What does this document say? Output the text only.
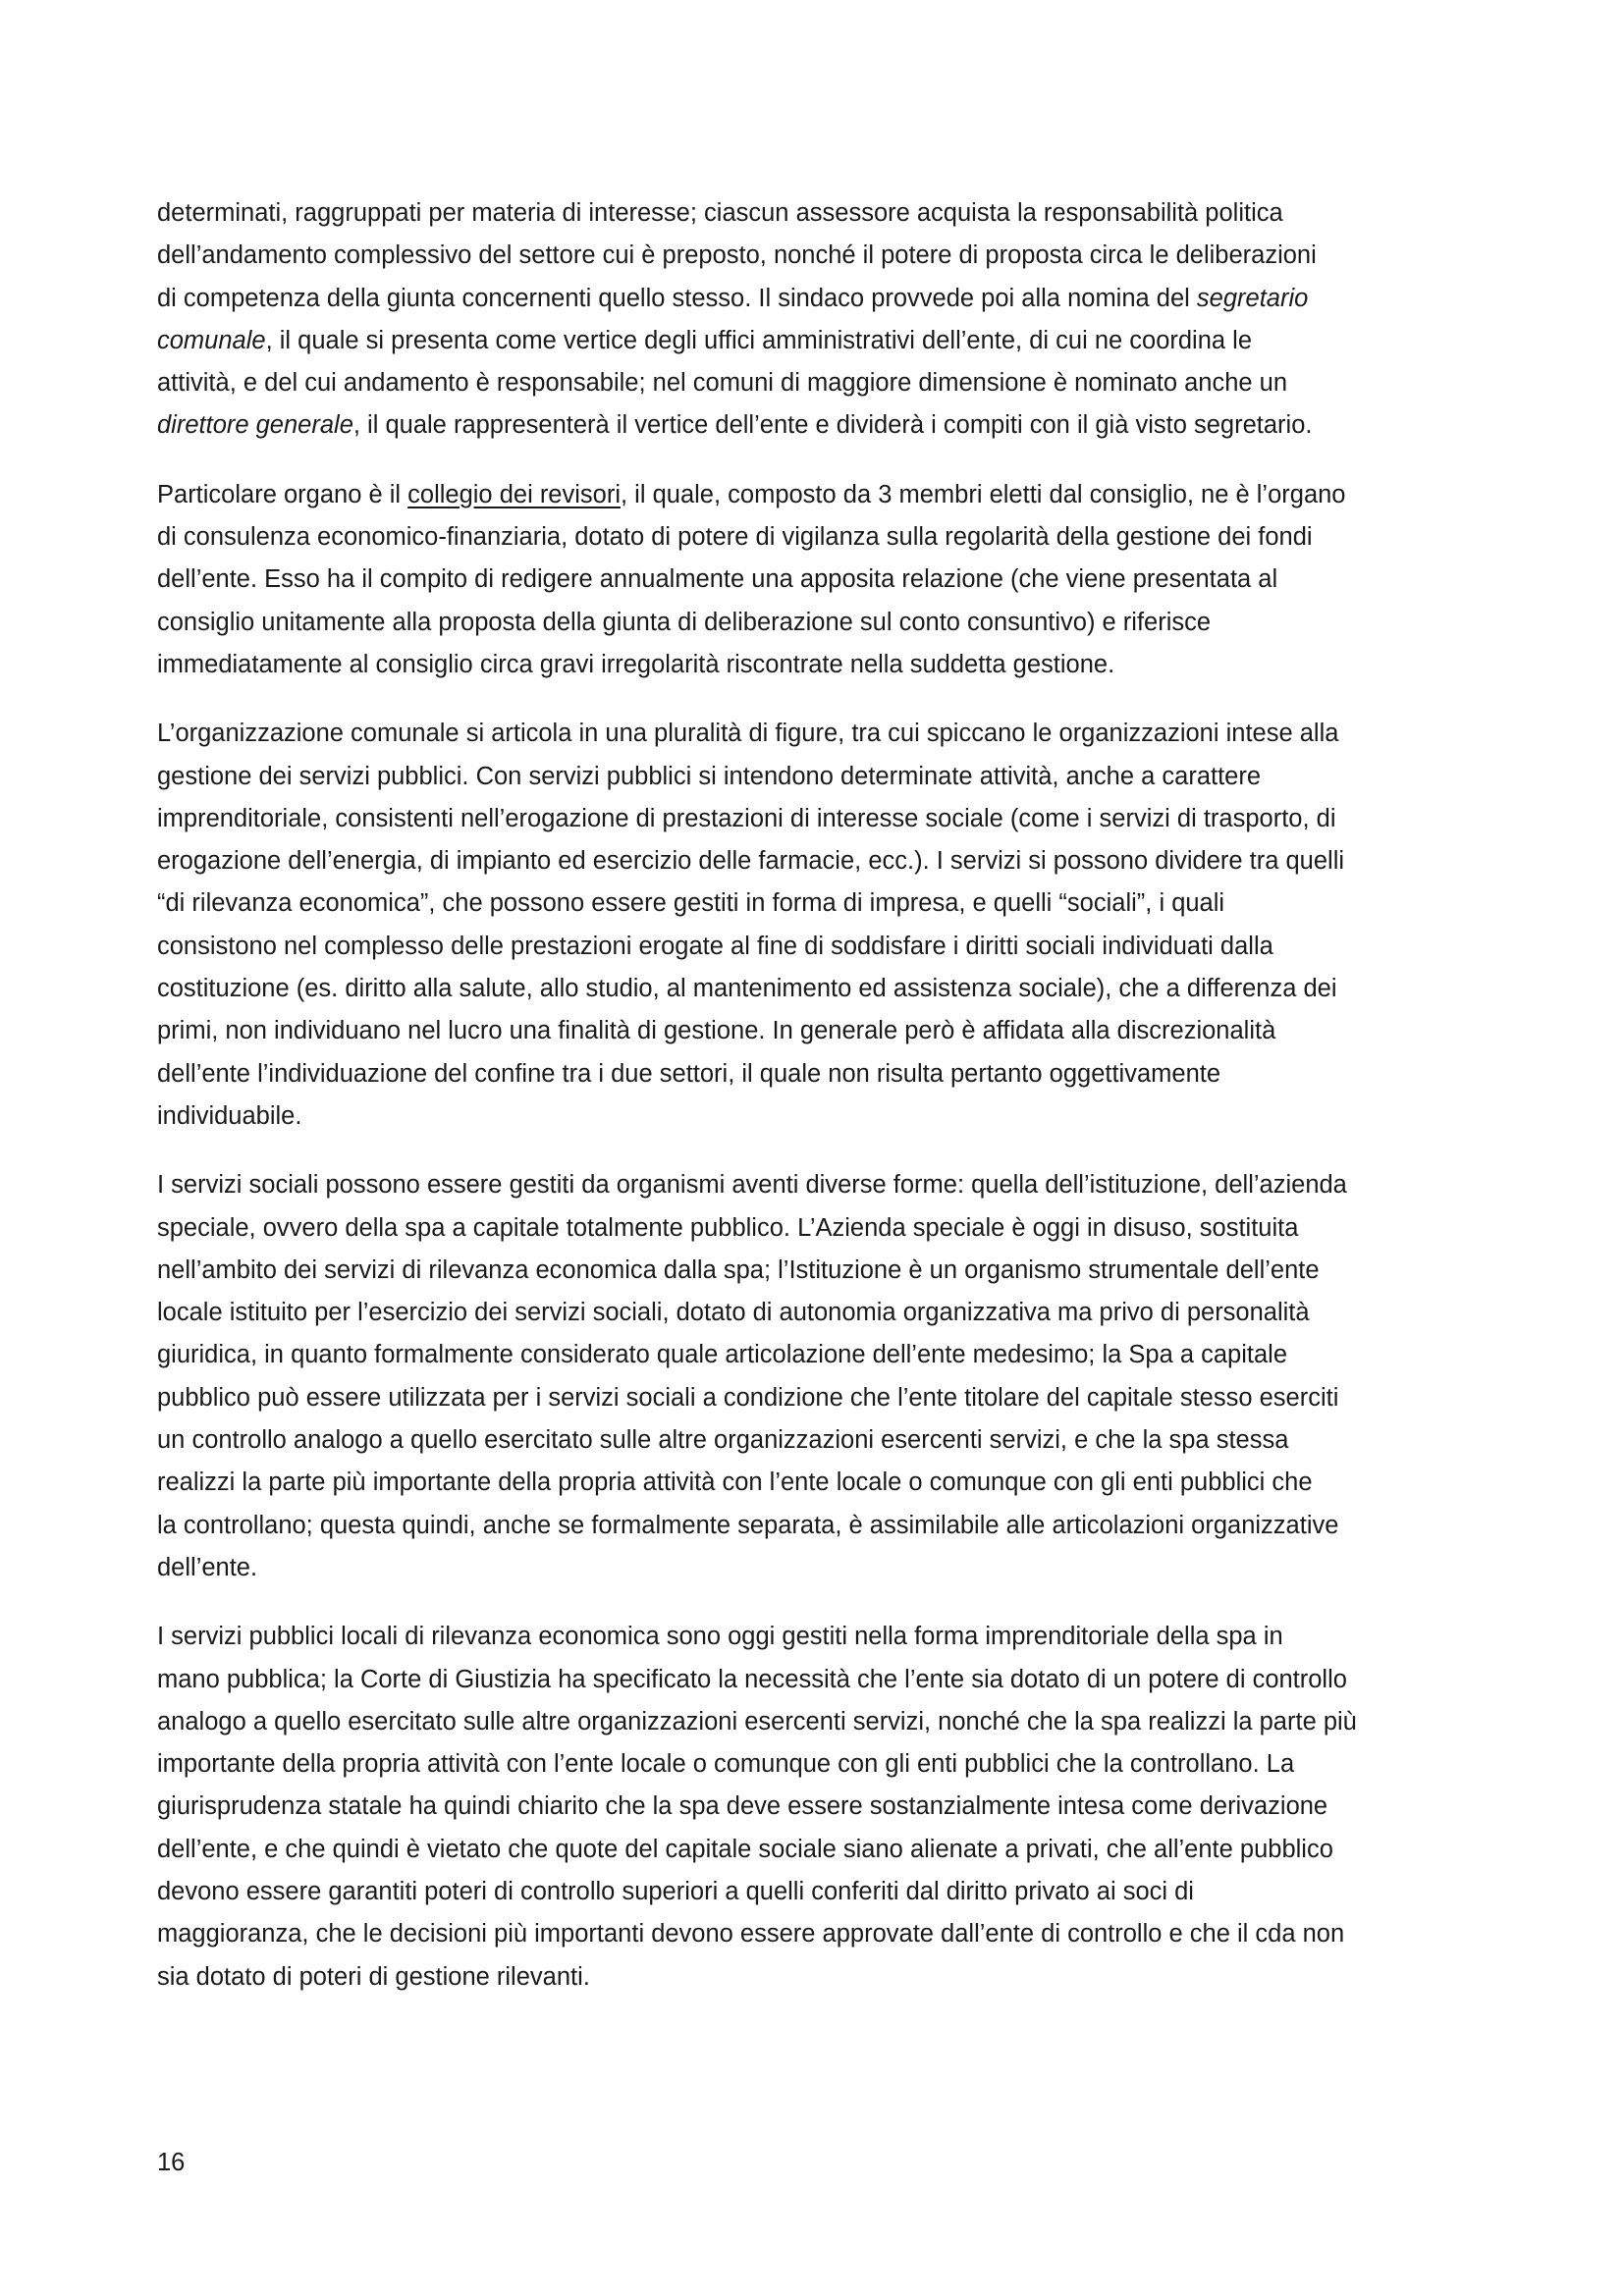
determinati, raggruppati per materia di interesse; ciascun assessore acquista la responsabilità politica
dell’andamento complessivo del settore cui è preposto, nonché il potere di proposta circa le deliberazioni
di competenza della giunta concernenti quello stesso. Il sindaco provvede poi alla nomina del segretario
comunale, il quale si presenta come vertice degli uffici amministrativi dell’ente, di cui ne coordina le
attività, e del cui andamento è responsabile; nel comuni di maggiore dimensione è nominato anche un
direttore generale, il quale rappresenterà il vertice dell’ente e dividerà i compiti con il già visto segretario.

Particolare organo è il collegio dei revisori, il quale, composto da 3 membri eletti dal consiglio, ne è l’organo
di consulenza economico-finanziaria, dotato di potere di vigilanza sulla regolarità della gestione dei fondi
dell’ente. Esso ha il compito di redigere annualmente una apposita relazione (che viene presentata al
consiglio unitamente alla proposta della giunta di deliberazione sul conto consuntivo) e riferisce
immediatamente al consiglio circa gravi irregolarità riscontrate nella suddetta gestione.

L’organizzazione comunale si articola in una pluralità di figure, tra cui spiccano le organizzazioni intese alla
gestione dei servizi pubblici. Con servizi pubblici si intendono determinate attività, anche a carattere
imprenditoriale, consistenti nell’erogazione di prestazioni di interesse sociale (come i servizi di trasporto, di
erogazione dell’energia, di impianto ed esercizio delle farmacie, ecc.). I servizi si possono dividere tra quelli
“di rilevanza economica”, che possono essere gestiti in forma di impresa, e quelli “sociali”, i quali
consistono nel complesso delle prestazioni erogate al fine di soddisfare i diritti sociali individuati dalla
costituzione (es. diritto alla salute, allo studio, al mantenimento ed assistenza sociale), che a differenza dei
primi, non individuano nel lucro una finalità di gestione. In generale però è affidata alla discrezionalità
dell’ente l’individuazione del confine tra i due settori, il quale non risulta pertanto oggettivamente
individuabile.

I servizi sociali possono essere gestiti da organismi aventi diverse forme: quella dell’istituzione, dell’azienda
speciale, ovvero della spa a capitale totalmente pubblico. L’Azienda speciale è oggi in disuso, sostituita
nell’ambito dei servizi di rilevanza economica dalla spa; l’Istituzione è un organismo strumentale dell’ente
locale istituito per l’esercizio dei servizi sociali, dotato di autonomia organizzativa ma privo di personalità
giuridica, in quanto formalmente considerato quale articolazione dell’ente medesimo; la Spa a capitale
pubblico può essere utilizzata per i servizi sociali a condizione che l’ente titolare del capitale stesso eserciti
un controllo analogo a quello esercitato sulle altre organizzazioni esercenti servizi, e che la spa stessa
realizzi la parte più importante della propria attività con l’ente locale o comunque con gli enti pubblici che
la controllano; questa quindi, anche se formalmente separata, è assimilabile alle articolazioni organizzative
dell’ente.

I servizi pubblici locali di rilevanza economica sono oggi gestiti nella forma imprenditoriale della spa in
mano pubblica; la Corte di Giustizia ha specificato la necessità che l’ente sia dotato di un potere di controllo
analogo a quello esercitato sulle altre organizzazioni esercenti servizi, nonché che la spa realizzi la parte più
importante della propria attività con l’ente locale o comunque con gli enti pubblici che la controllano. La
giurisprudenza statale ha quindi chiarito che la spa deve essere sostanzialmente intesa come derivazione
dell’ente, e che quindi è vietato che quote del capitale sociale siano alienate a privati, che all’ente pubblico
devono essere garantiti poteri di controllo superiori a quelli conferiti dal diritto privato ai soci di
maggioranza, che le decisioni più importanti devono essere approvate dall’ente di controllo e che il cda non
sia dotato di poteri di gestione rilevanti.

16
